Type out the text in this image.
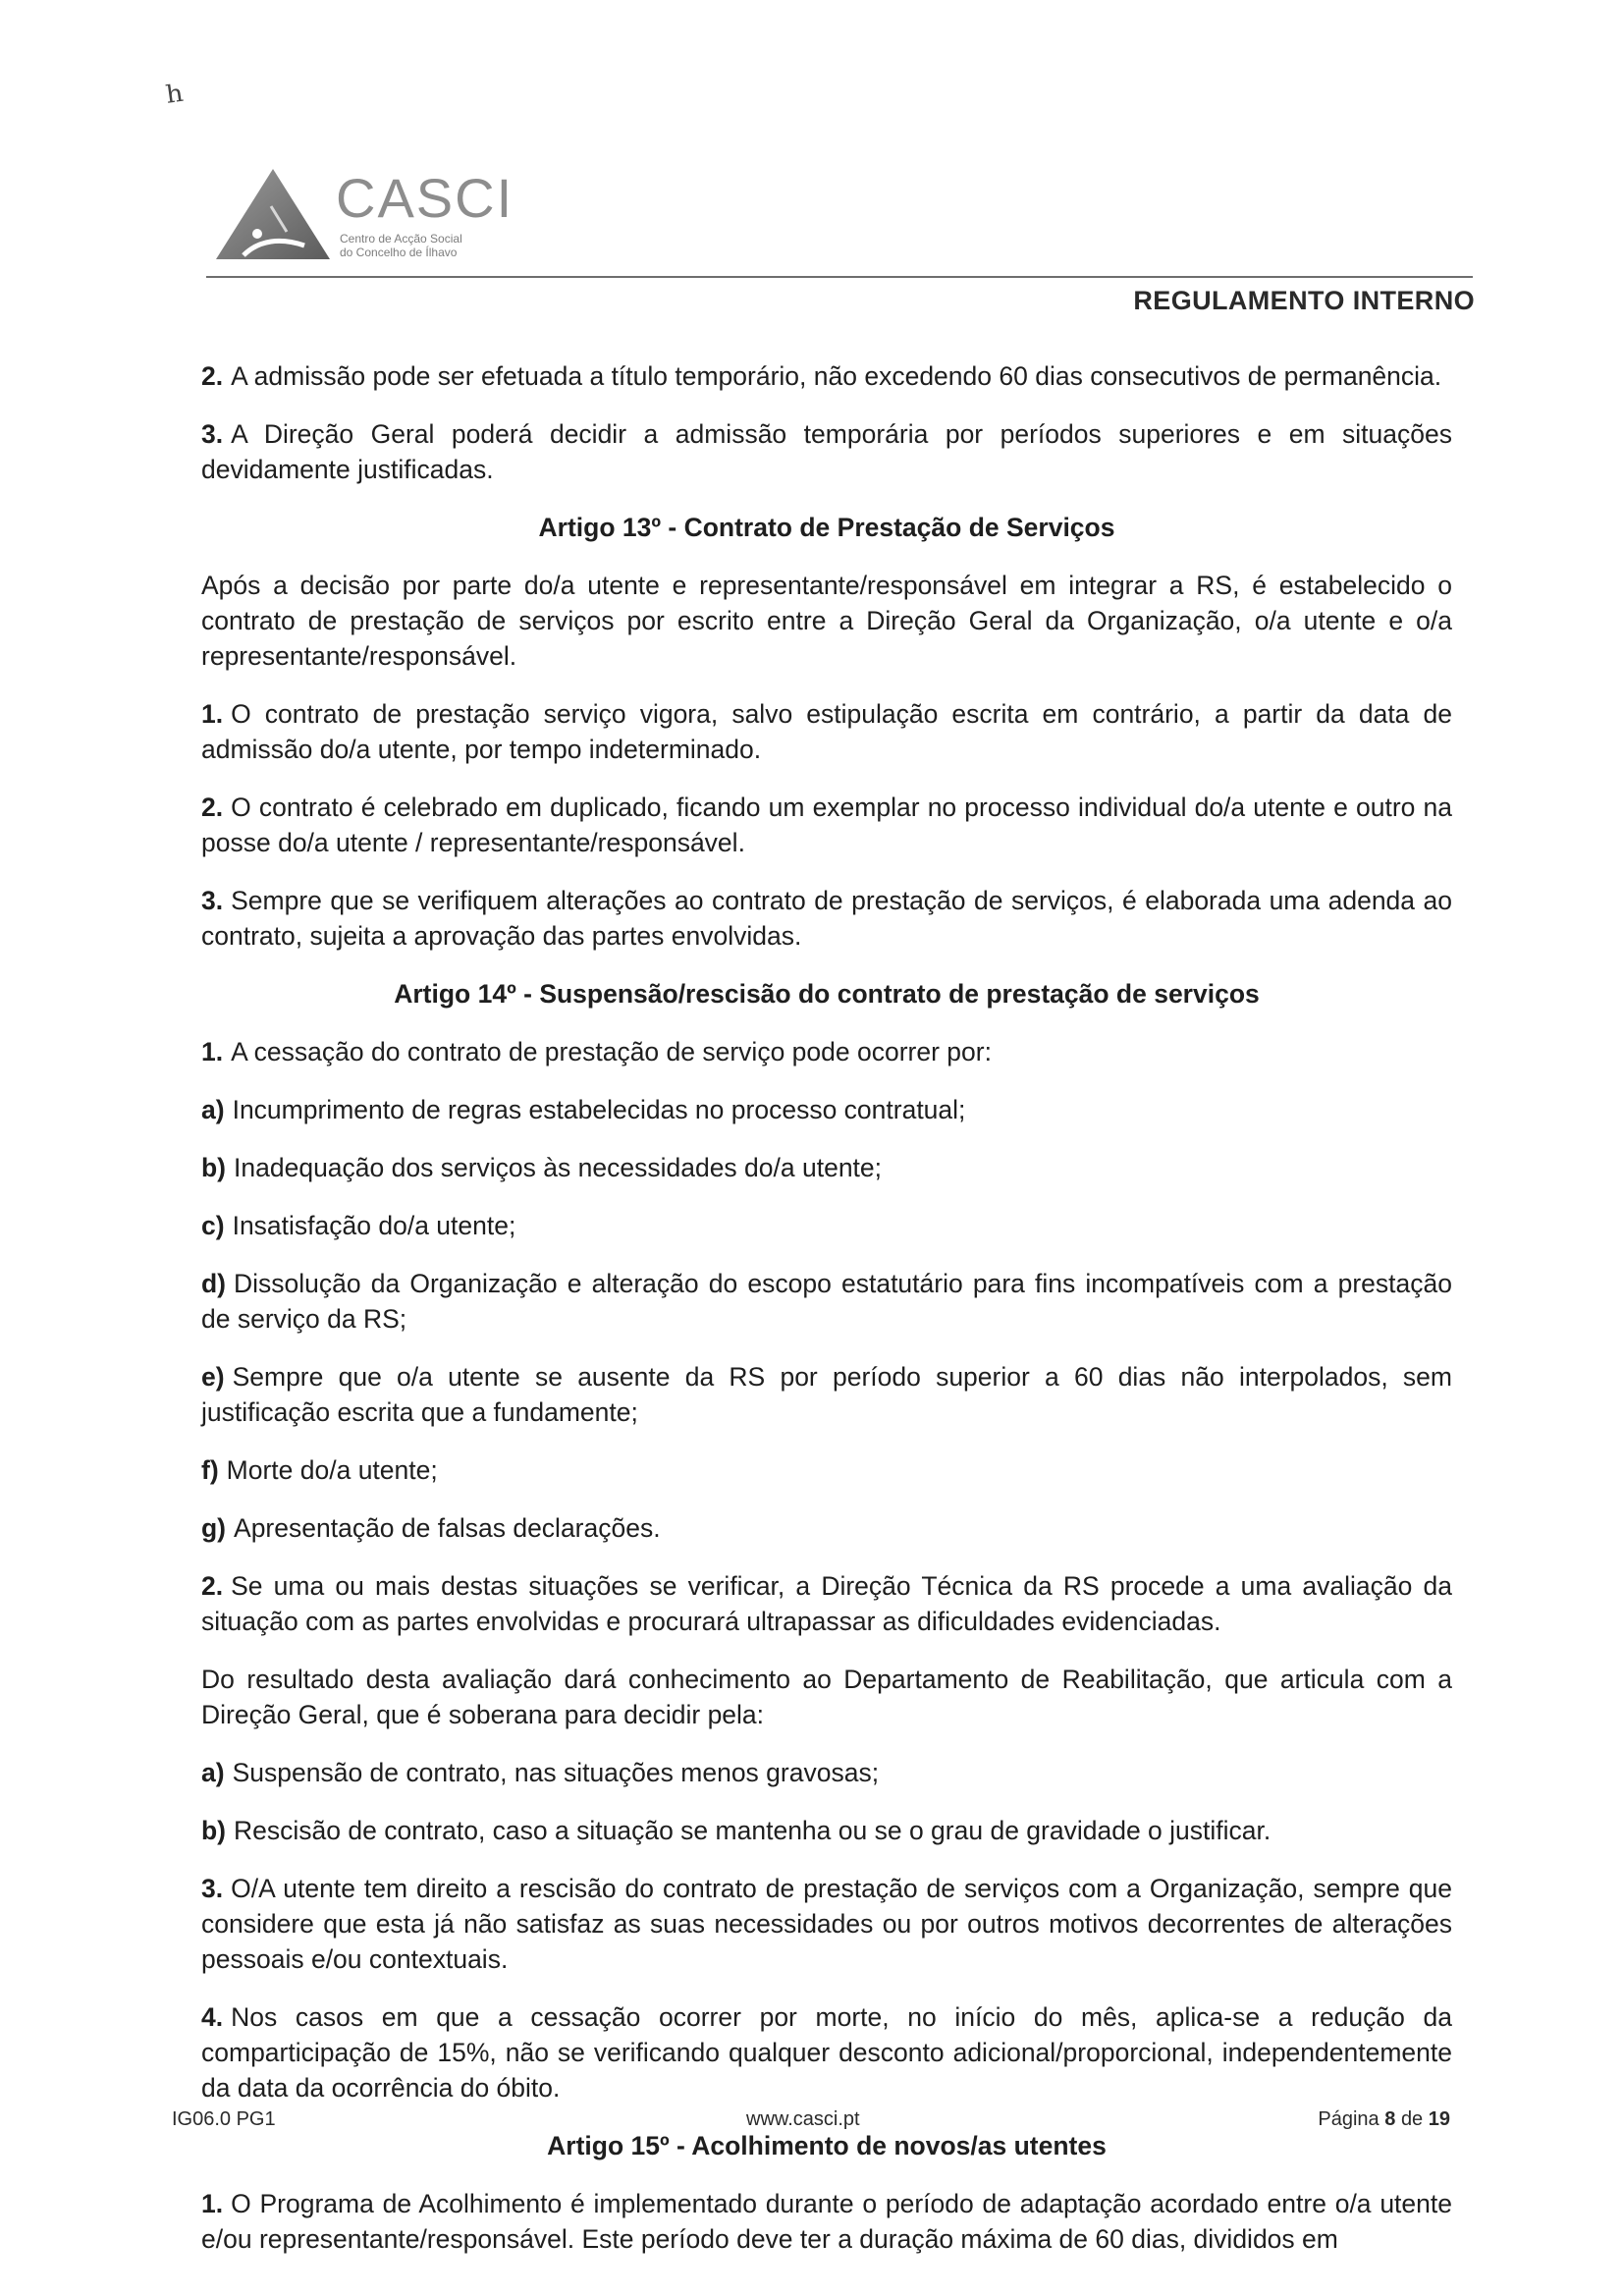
ʰ
CASCI
Centro de Acção Social
do Concelho de Ílhavo
REGULAMENTO INTERNO

2. A admissão pode ser efetuada a título temporário, não excedendo 60 dias consecutivos de permanência.

3. A Direção Geral poderá decidir a admissão temporária por períodos superiores e em situações devidamente justificadas.

Artigo 13º - Contrato de Prestação de Serviços

Após a decisão por parte do/a utente e representante/responsável em integrar a RS, é estabelecido o contrato de prestação de serviços por escrito entre a Direção Geral da Organização, o/a utente e o/a representante/responsável.

1. O contrato de prestação serviço vigora, salvo estipulação escrita em contrário, a partir da data de admissão do/a utente, por tempo indeterminado.

2. O contrato é celebrado em duplicado, ficando um exemplar no processo individual do/a utente e outro na posse do/a utente / representante/responsável.

3. Sempre que se verifiquem alterações ao contrato de prestação de serviços, é elaborada uma adenda ao contrato, sujeita a aprovação das partes envolvidas.

Artigo 14º - Suspensão/rescisão do contrato de prestação de serviços

1. A cessação do contrato de prestação de serviço pode ocorrer por:

a) Incumprimento de regras estabelecidas no processo contratual;

b) Inadequação dos serviços às necessidades do/a utente;

c) Insatisfação do/a utente;

d) Dissolução da Organização e alteração do escopo estatutário para fins incompatíveis com a prestação de serviço da RS;

e) Sempre que o/a utente se ausente da RS por período superior a 60 dias não interpolados, sem justificação escrita que a fundamente;

f) Morte do/a utente;

g) Apresentação de falsas declarações.

2. Se uma ou mais destas situações se verificar, a Direção Técnica da RS procede a uma avaliação da situação com as partes envolvidas e procurará ultrapassar as dificuldades evidenciadas.

Do resultado desta avaliação dará conhecimento ao Departamento de Reabilitação, que articula com a Direção Geral, que é soberana para decidir pela:

a) Suspensão de contrato, nas situações menos gravosas;

b) Rescisão de contrato, caso a situação se mantenha ou se o grau de gravidade o justificar.

3. O/A utente tem direito a rescisão do contrato de prestação de serviços com a Organização, sempre que considere que esta já não satisfaz as suas necessidades ou por outros motivos decorrentes de alterações pessoais e/ou contextuais.

4. Nos casos em que a cessação ocorrer por morte, no início do mês, aplica-se a redução da comparticipação de 15%, não se verificando qualquer desconto adicional/proporcional, independentemente da data da ocorrência do óbito.

Artigo 15º - Acolhimento de novos/as utentes

1. O Programa de Acolhimento é implementado durante o período de adaptação acordado entre o/a utente e/ou representante/responsável. Este período deve ter a duração máxima de 60 dias, divididos em

IG06.0 PG1	www.casci.pt	Página 8 de 19
